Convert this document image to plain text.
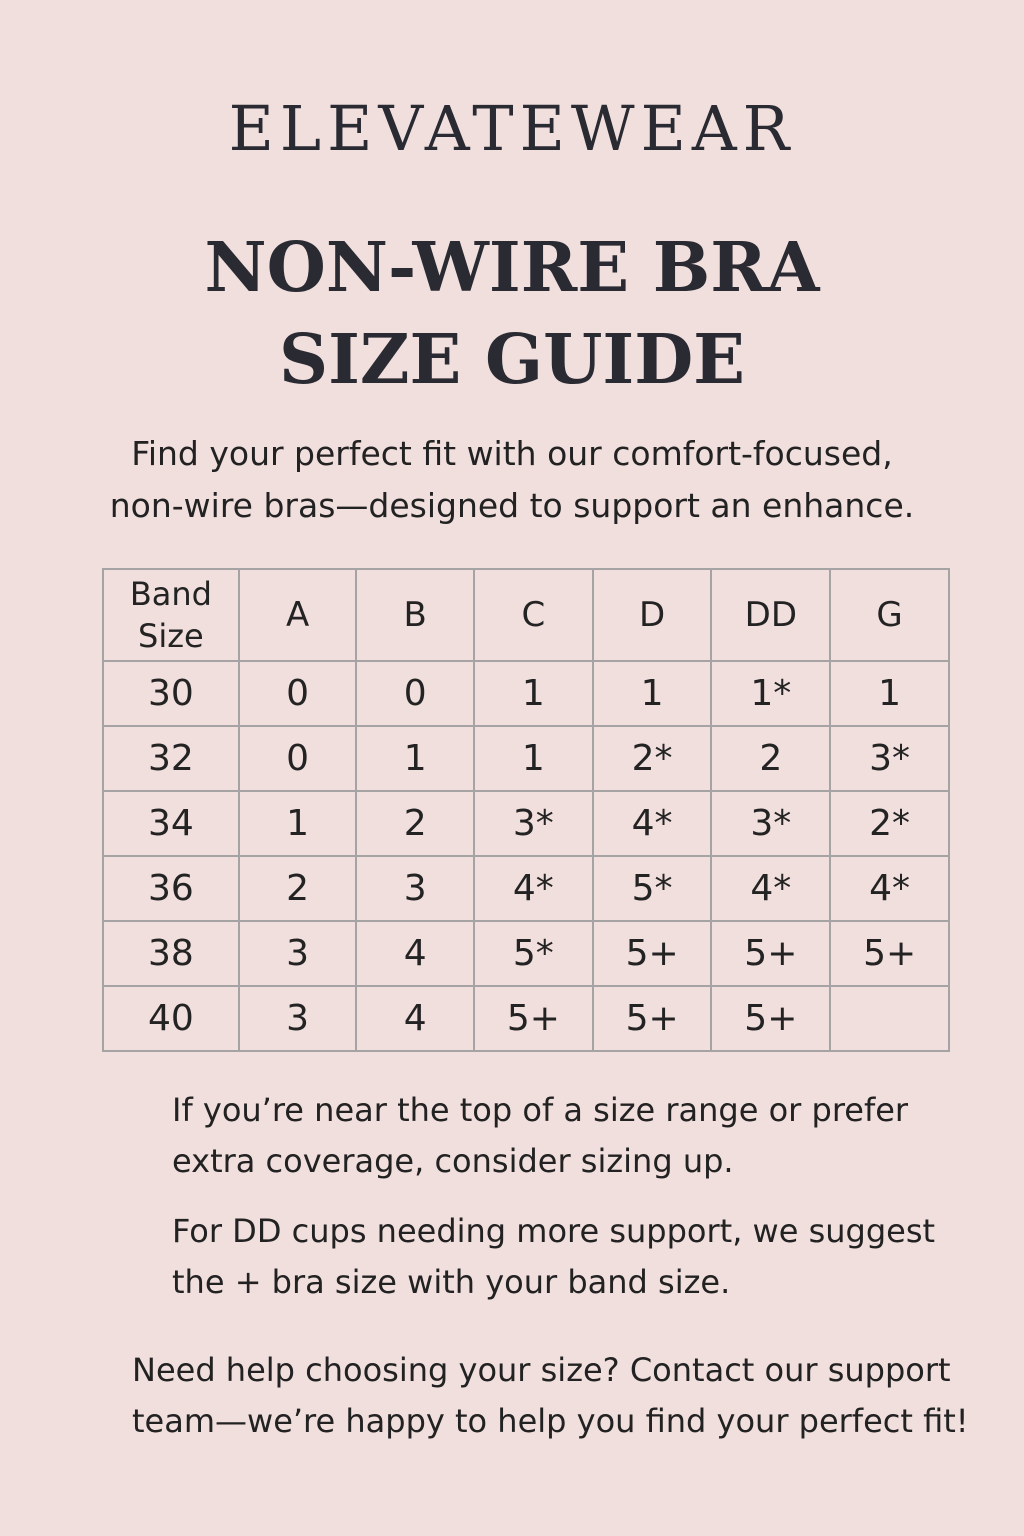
ELEVATEWEAR
NON-WIRE BRA
SIZE GUIDE
Find your perfect fit with our comfort-focused,
non-wire bras—designed to support an enhance.
Band
Size	A	B	C	D	DD	G
30	0	0	1	1	1*	1
32	0	1	1	2*	2	3*
34	1	2	3*	4*	3*	2*
36	2	3	4*	5*	4*	4*
38	3	4	5*	5+	5+	5+
40	3	4	5+	5+	5+	
If you’re near the top of a size range or prefer
extra coverage, consider sizing up.
For DD cups needing more support, we suggest
the + bra size with your band size.
Need help choosing your size? Contact our support
team—we’re happy to help you find your perfect fit!
